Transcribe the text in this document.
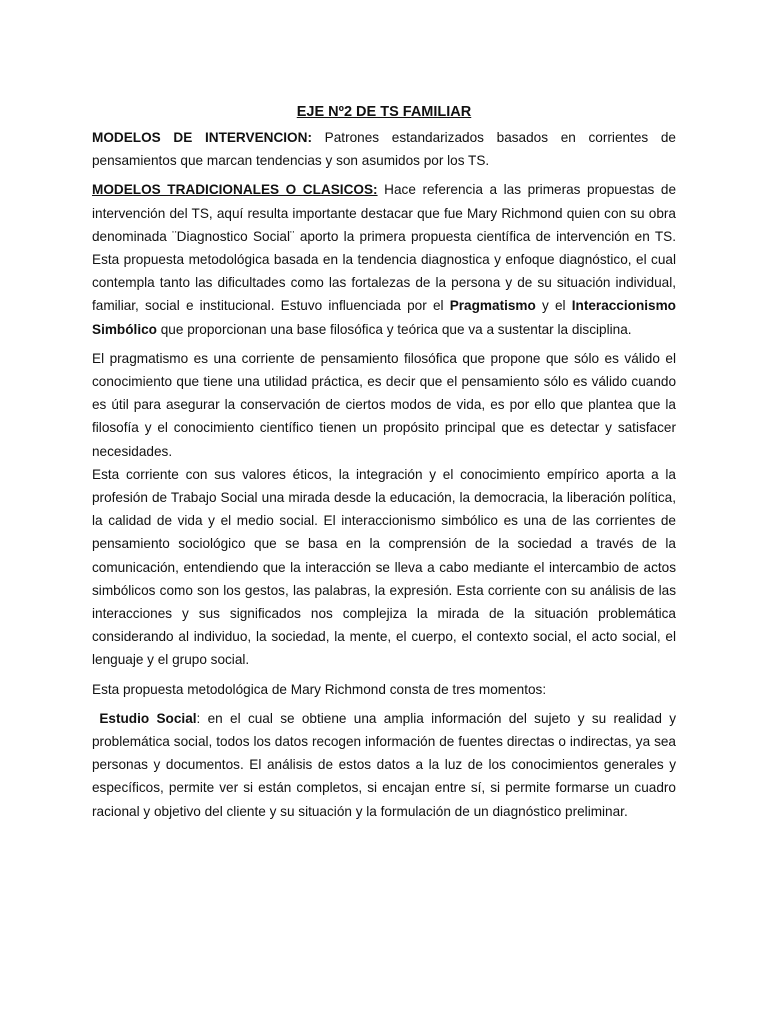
EJE Nº2 DE TS FAMILIAR

MODELOS DE INTERVENCION: Patrones estandarizados basados en corrientes de pensamientos que marcan tendencias y son asumidos por los TS.

MODELOS TRADICIONALES O CLASICOS: Hace referencia a las primeras propuestas de intervención del TS, aquí resulta importante destacar que fue Mary Richmond quien con su obra denominada ¨Diagnostico Social¨ aporto la primera propuesta científica de intervención en TS. Esta propuesta metodológica basada en la tendencia diagnostica y enfoque diagnóstico, el cual contempla tanto las dificultades como las fortalezas de la persona y de su situación individual, familiar, social e institucional. Estuvo influenciada por el Pragmatismo y el Interaccionismo Simbólico que proporcionan una base filosófica y teórica que va a sustentar la disciplina.

El pragmatismo es una corriente de pensamiento filosófica que propone que sólo es válido el conocimiento que tiene una utilidad práctica, es decir que el pensamiento sólo es válido cuando es útil para asegurar la conservación de ciertos modos de vida, es por ello que plantea que la filosofía y el conocimiento científico tienen un propósito principal que es detectar y satisfacer necesidades.

Esta corriente con sus valores éticos, la integración y el conocimiento empírico aporta a la profesión de Trabajo Social una mirada desde la educación, la democracia, la liberación política, la calidad de vida y el medio social. El interaccionismo simbólico es una de las corrientes de pensamiento sociológico que se basa en la comprensión de la sociedad a través de la comunicación, entendiendo que la interacción se lleva a cabo mediante el intercambio de actos simbólicos como son los gestos, las palabras, la expresión. Esta corriente con su análisis de las interacciones y sus significados nos complejiza la mirada de la situación problemática considerando al individuo, la sociedad, la mente, el cuerpo, el contexto social, el acto social, el lenguaje y el grupo social.

Esta propuesta metodológica de Mary Richmond consta de tres momentos:

Estudio Social: en el cual se obtiene una amplia información del sujeto y su realidad y problemática social, todos los datos recogen información de fuentes directas o indirectas, ya sea personas y documentos. El análisis de estos datos a la luz de los conocimientos generales y específicos, permite ver si están completos, si encajan entre sí, si permite formarse un cuadro racional y objetivo del cliente y su situación y la formulación de un diagnóstico preliminar.
